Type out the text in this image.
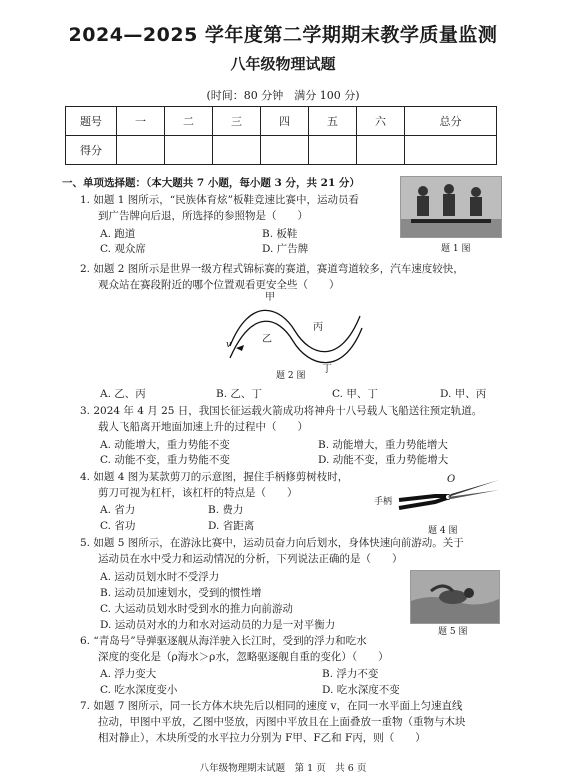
2024—2025 学年度第二学期期末教学质量监测
八年级物理试题
(时间：80 分钟　满分 100 分)
题号	一	二	三	四	五	六	总分
得分							
一、单项选择题：（本大题共 7 小题，每小题 3 分，共 21 分）
1. 如题 1 图所示，“民族体育炫”板鞋竞速比赛中，运动员看
到广告牌向后退，所选择的参照物是（　　）
A. 跑道	B. 板鞋
C. 观众席	D. 广告牌	题 1 图
2. 如题 2 图所示是世界一级方程式锦标赛的赛道，赛道弯道较多，汽车速度较快，
观众站在赛段附近的哪个位置观看更安全些（　　）
甲
乙
丙
丁
v
题 2 图
A. 乙、丙	B. 乙、丁	C. 甲、丁	D. 甲、丙
3. 2024 年 4 月 25 日，我国长征运载火箭成功将神舟十八号载人飞船送往预定轨道。
载人飞船离开地面加速上升的过程中（　　）
A. 动能增大，重力势能不变	B. 动能增大，重力势能增大
C. 动能不变，重力势能不变	D. 动能不变，重力势能增大
4. 如题 4 图为某款剪刀的示意图，握住手柄修剪树枝时，
剪刀可视为杠杆，该杠杆的特点是（　　）
A. 省力	B. 费力
C. 省功	D. 省距离
手柄
O
题 4 图
5. 如题 5 图所示，在游泳比赛中，运动员奋力向后划水，身体快速向前游动。关于
运动员在水中受力和运动情况的分析，下列说法正确的是（　　）
A. 运动员划水时不受浮力
B. 运动员加速划水，受到的惯性增
C. 大运动员划水时受到水的推力向前游动
D. 运动员对水的力和水对运动员的力是一对平衡力
题 5 图
6. “青岛号”导弹驱逐舰从海洋驶入长江时，受到的浮力和吃水
深度的变化是（ρ海水＞ρ水，忽略驱逐舰自重的变化）（　　）
A. 浮力变大	B. 浮力不变
C. 吃水深度变小	D. 吃水深度不变
7. 如题 7 图所示，同一长方体木块先后以相同的速度 v，在同一水平面上匀速直线
拉动，甲图中平放，乙图中竖放，丙图中平放且在上面叠放一重物（重物与木块
相对静止），木块所受的水平拉力分别为 F甲、F乙和 F丙，则（　　）
八年级物理期末试题　第 1 页　共 6 页
